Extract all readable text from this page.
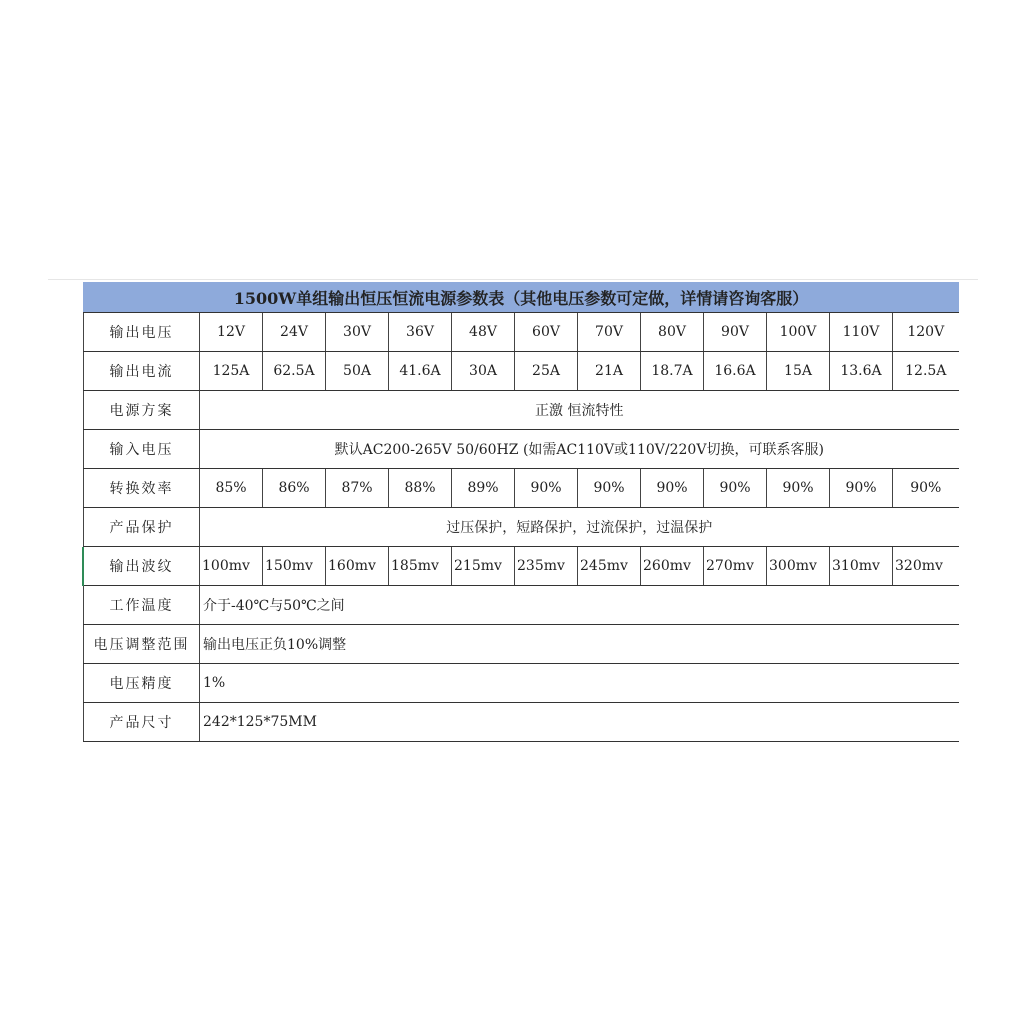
1500W单组输出恒压恒流电源参数表（其他电压参数可定做，详情请咨询客服）												
输出电压	12V	24V	30V	36V	48V	60V	70V	80V	90V	100V	110V	120V
输出电流	125A	62.5A	50A	41.6A	30A	25A	21A	18.7A	16.6A	15A	13.6A	12.5A
电源方案	正激 恒流特性											
输入电压	默认AC200-265V 50/60HZ (如需AC110V或110V/220V切换，可联系客服)											
转换效率	85%	86%	87%	88%	89%	90%	90%	90%	90%	90%	90%	90%
产品保护	过压保护，短路保护，过流保护，过温保护											
输出波纹	100mv	150mv	160mv	185mv	215mv	235mv	245mv	260mv	270mv	300mv	310mv	320mv
工作温度	介于-40℃与50℃之间											
电压调整范围	输出电压正负10%调整											
电压精度	1%											
产品尺寸	242*125*75MM											
